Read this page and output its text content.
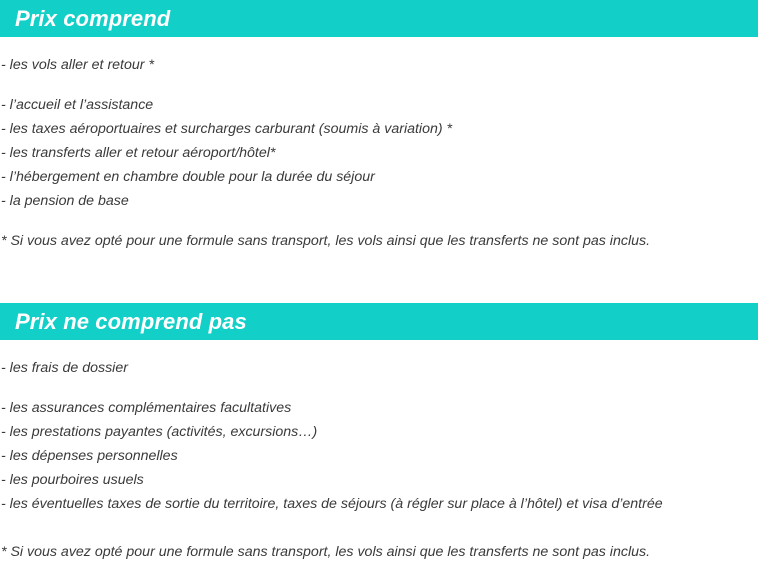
Prix comprend
- les vols aller et retour *
- l’accueil et l’assistance
- les taxes aéroportuaires et surcharges carburant (soumis à variation) *
- les transferts aller et retour aéroport/hôtel*
- l’hébergement en chambre double pour la durée du séjour
- la pension de base
* Si vous avez opté pour une formule sans transport, les vols ainsi que les transferts ne sont pas inclus.
Prix ne comprend pas
- les frais de dossier
- les assurances complémentaires facultatives
- les prestations payantes (activités, excursions…)
- les dépenses personnelles
- les pourboires usuels
- les éventuelles taxes de sortie du territoire, taxes de séjours (à régler sur place à l’hôtel) et visa d’entrée
* Si vous avez opté pour une formule sans transport, les vols ainsi que les transferts ne sont pas inclus.
